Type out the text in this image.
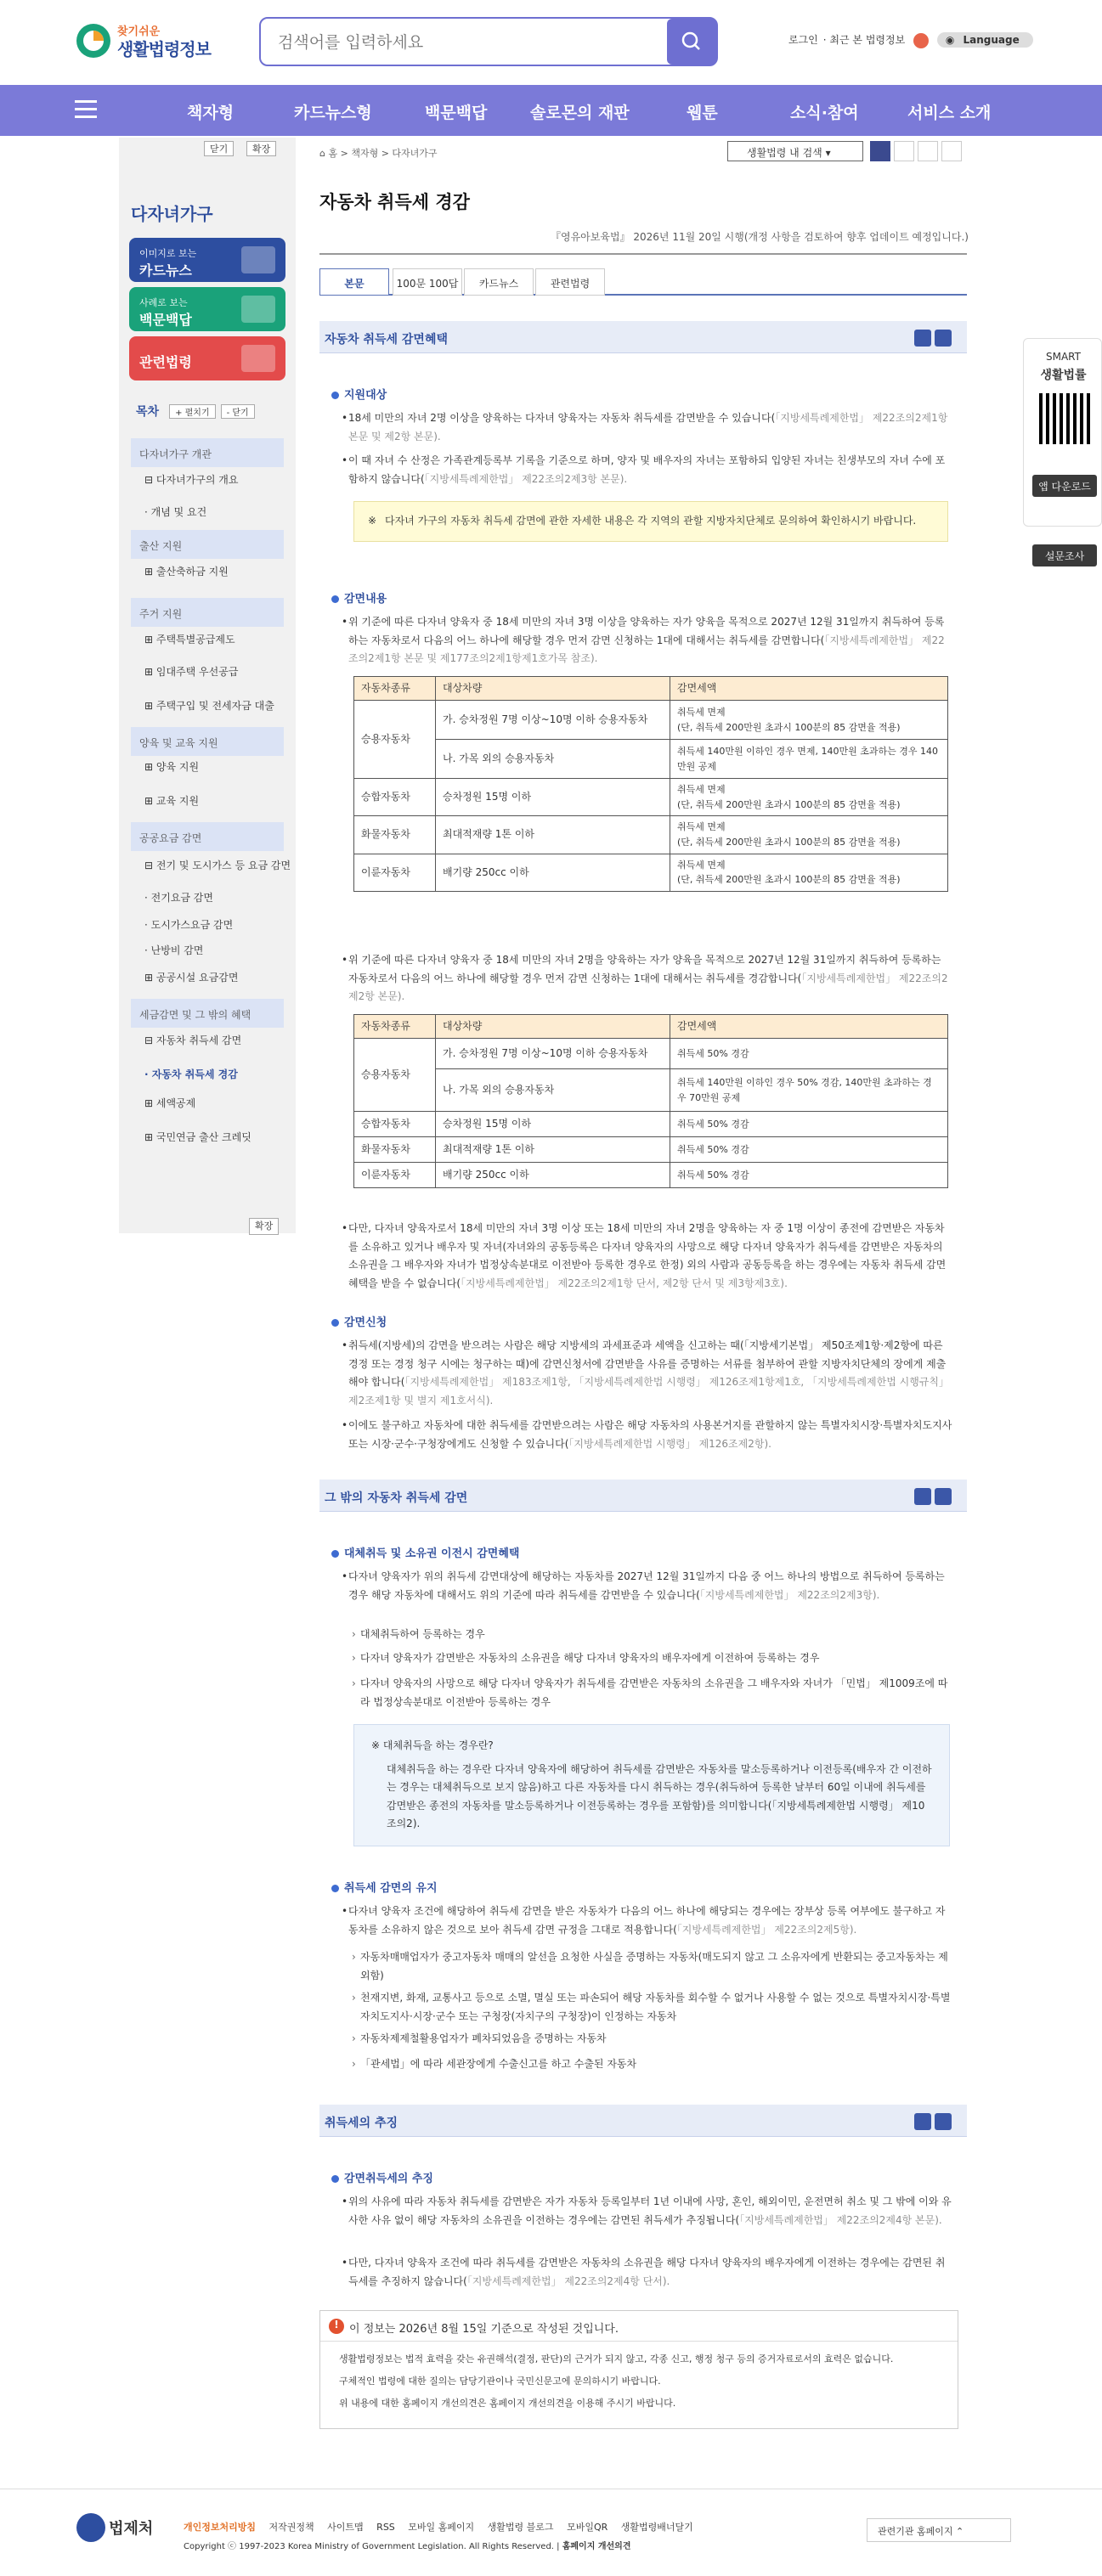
찾기쉬운
생활법령정보
검색어를 입력하세요	로그인 · 최근 본 법령정보	◉ Language
책자형	카드뉴스형	백문백답	솔로몬의 재판	웹툰	소식·참여	서비스 소개
닫기	확장
다자녀가구
이미지로 보는
카드뉴스
사례로 보는
백문백답
관련법령
목차 + 펼치기 - 닫기
다자녀가구 개관
⊟ 다자녀가구의 개요
· 개념 및 요건
출산 지원
⊞ 출산축하금 지원
주거 지원
⊞ 주택특별공급제도
⊞ 임대주택 우선공급
⊞ 주택구입 및 전세자금 대출
양육 및 교육 지원
⊞ 양육 지원
⊞ 교육 지원
공공요금 감면
⊟ 전기 및 도시가스 등 요금 감면
· 전기요금 감면
· 도시가스요금 감면
· 난방비 감면
⊞ 공공시설 요금감면
세금감면 및 그 밖의 혜택
⊟ 자동차 취득세 감면
· 자동차 취득세 경감
⊞ 세액공제
⊞ 국민연금 출산 크레딧
확장
⌂ 홈 > 책자형 > 다자녀가구	생활법령 내 검색 ▾
자동차 취득세 경감
『영유아보육법』 2026년 11월 20일 시행(개정 사항을 검토하여 향후 업데이트 예정입니다.)
본문	100문 100답	카드뉴스	관련법령
자동차 취득세 감면혜택
지원대상
• 18세 미만의 자녀 2명 이상을 양육하는 다자녀 양육자는 자동차 취득세를 감면받을 수 있습니다(「지방세특례제한법」 제22조의2제1항 본문 및 제2항 본문).
• 이 때 자녀 수 산정은 가족관계등록부 기록을 기준으로 하며, 양자 및 배우자의 자녀는 포함하되 입양된 자녀는 친생부모의 자녀 수에 포함하지 않습니다(「지방세특례제한법」 제22조의2제3항 본문).
※ 다자녀 가구의 자동차 취득세 감면에 관한 자세한 내용은 각 지역의 관할 지방자치단체로 문의하여 확인하시기 바랍니다.
감면내용
• 위 기준에 따른 다자녀 양육자 중 18세 미만의 자녀 3명 이상을 양육하는 자가 양육을 목적으로 2027년 12월 31일까지 취득하여 등록하는 자동차로서 다음의 어느 하나에 해당할 경우 먼저 감면 신청하는 1대에 대해서는 취득세를 감면합니다(「지방세특례제한법」 제22조의2제1항 본문 및 제177조의2제1항제1호가목 참조).
자동차종류	대상차량	감면세액
승용자동차	가. 승차정원 7명 이상~10명 이하 승용자동차	취득세 면제
(단, 취득세 200만원 초과시 100분의 85 감면율 적용)
	나. 가목 외의 승용자동차	취득세 140만원 이하인 경우 면제, 140만원 초과하는 경우 140만원 공제
승합자동차	승차정원 15명 이하	취득세 면제
(단, 취득세 200만원 초과시 100분의 85 감면율 적용)
화물자동차	최대적재량 1톤 이하	취득세 면제
(단, 취득세 200만원 초과시 100분의 85 감면율 적용)
이륜자동차	배기량 250cc 이하	취득세 면제
(단, 취득세 200만원 초과시 100분의 85 감면율 적용)
• 위 기준에 따른 다자녀 양육자 중 18세 미만의 자녀 2명을 양육하는 자가 양육을 목적으로 2027년 12월 31일까지 취득하여 등록하는 자동차로서 다음의 어느 하나에 해당할 경우 먼저 감면 신청하는 1대에 대해서는 취득세를 경감합니다(「지방세특례제한법」 제22조의2제2항 본문).
자동차종류	대상차량	감면세액
승용자동차	가. 승차정원 7명 이상~10명 이하 승용자동차	취득세 50% 경감
	나. 가목 외의 승용자동차	취득세 140만원 이하인 경우 50% 경감, 140만원 초과하는 경우 70만원 공제
승합자동차	승차정원 15명 이하	취득세 50% 경감
화물자동차	최대적재량 1톤 이하	취득세 50% 경감
이륜자동차	배기량 250cc 이하	취득세 50% 경감
• 다만, 다자녀 양육자로서 18세 미만의 자녀 3명 이상 또는 18세 미만의 자녀 2명을 양육하는 자 중 1명 이상이 종전에 감면받은 자동차를 소유하고 있거나 배우자 및 자녀(자녀와의 공동등록은 다자녀 양육자의 사망으로 해당 다자녀 양육자가 취득세를 감면받은 자동차의 소유권을 그 배우자와 자녀가 법정상속분대로 이전받아 등록한 경우로 한정) 외의 사람과 공동등록을 하는 경우에는 자동차 취득세 감면혜택을 받을 수 없습니다(「지방세특례제한법」 제22조의2제1항 단서, 제2항 단서 및 제3항제3호).
감면신청
• 취득세(지방세)의 감면을 받으려는 사람은 해당 지방세의 과세표준과 세액을 신고하는 때(「지방세기본법」 제50조제1항·제2항에 따른 경정 또는 경정 청구 시에는 청구하는 때)에 감면신청서에 감면받을 사유를 증명하는 서류를 첨부하여 관할 지방자치단체의 장에게 제출해야 합니다(「지방세특례제한법」 제183조제1항, 「지방세특례제한법 시행령」 제126조제1항제1호, 「지방세특례제한법 시행규칙」 제2조제1항 및 별지 제1호서식).
• 이에도 불구하고 자동차에 대한 취득세를 감면받으려는 사람은 해당 자동차의 사용본거지를 관할하지 않는 특별자치시장·특별자치도지사 또는 시장·군수·구청장에게도 신청할 수 있습니다(「지방세특례제한법 시행령」 제126조제2항).
그 밖의 자동차 취득세 감면
대체취득 및 소유권 이전시 감면혜택
• 다자녀 양육자가 위의 취득세 감면대상에 해당하는 자동차를 2027년 12월 31일까지 다음 중 어느 하나의 방법으로 취득하여 등록하는 경우 해당 자동차에 대해서도 위의 기준에 따라 취득세를 감면받을 수 있습니다(「지방세특례제한법」 제22조의2제3항).
› 대체취득하여 등록하는 경우
› 다자녀 양육자가 감면받은 자동차의 소유권을 해당 다자녀 양육자의 배우자에게 이전하여 등록하는 경우
› 다자녀 양육자의 사망으로 해당 다자녀 양육자가 취득세를 감면받은 자동차의 소유권을 그 배우자와 자녀가 「민법」 제1009조에 따라 법정상속분대로 이전받아 등록하는 경우
※ 대체취득을 하는 경우란?
대체취득을 하는 경우란 다자녀 양육자에 해당하여 취득세를 감면받은 자동차를 말소등록하거나 이전등록(배우자 간 이전하는 경우는 대체취득으로 보지 않음)하고 다른 자동차를 다시 취득하는 경우(취득하여 등록한 날부터 60일 이내에 취득세를 감면받은 종전의 자동차를 말소등록하거나 이전등록하는 경우를 포함함)를 의미합니다(「지방세특례제한법 시행령」 제10조의2).
취득세 감면의 유지
• 다자녀 양육자 조건에 해당하여 취득세 감면을 받은 자동차가 다음의 어느 하나에 해당되는 경우에는 장부상 등록 여부에도 불구하고 자동차를 소유하지 않은 것으로 보아 취득세 감면 규정을 그대로 적용합니다(「지방세특례제한법」 제22조의2제5항).
› 자동차매매업자가 중고자동차 매매의 알선을 요청한 사실을 증명하는 자동차(매도되지 않고 그 소유자에게 반환되는 중고자동차는 제외함)
› 천재지변, 화재, 교통사고 등으로 소멸, 멸실 또는 파손되어 해당 자동차를 회수할 수 없거나 사용할 수 없는 것으로 특별자치시장·특별자치도지사·시장·군수 또는 구청장(자치구의 구청장)이 인정하는 자동차
› 자동차제제철활용업자가 폐차되었음을 증명하는 자동차
› 「관세법」에 따라 세관장에게 수출신고를 하고 수출된 자동차
취득세의 추징
감면취득세의 추징
• 위의 사유에 따라 자동차 취득세를 감면받은 자가 자동차 등록일부터 1년 이내에 사망, 혼인, 해외이민, 운전면허 취소 및 그 밖에 이와 유사한 사유 없이 해당 자동차의 소유권을 이전하는 경우에는 감면된 취득세가 추징됩니다(「지방세특례제한법」 제22조의2제4항 본문).
• 다만, 다자녀 양육자 조건에 따라 취득세를 감면받은 자동차의 소유권을 해당 다자녀 양육자의 배우자에게 이전하는 경우에는 감면된 취득세를 추징하지 않습니다(「지방세특례제한법」 제22조의2제4항 단서).
! 이 정보는 2026년 8월 15일 기준으로 작성된 것입니다.
생활법령정보는 법적 효력을 갖는 유권해석(결정, 판단)의 근거가 되지 않고, 각종 신고, 행정 청구 등의 증거자료로서의 효력은 없습니다.
구체적인 법령에 대한 질의는 담당기관이나 국민신문고에 문의하시기 바랍니다.
위 내용에 대한 홈페이지 개선의견은 홈페이지 개선의견을 이용해 주시기 바랍니다.
SMART
생활법률
앱 다운로드
설문조사
법제처	개인정보처리방침 저작권정책 사이트맵 RSS 모바일 홈페이지 생활법령 블로그 모바일QR 생활법령배너달기
Copyright ⓒ 1997-2023 Korea Ministry of Government Legislation. All Rights Reserved. | 홈페이지 개선의견
관련기관 홈페이지 ⌃
